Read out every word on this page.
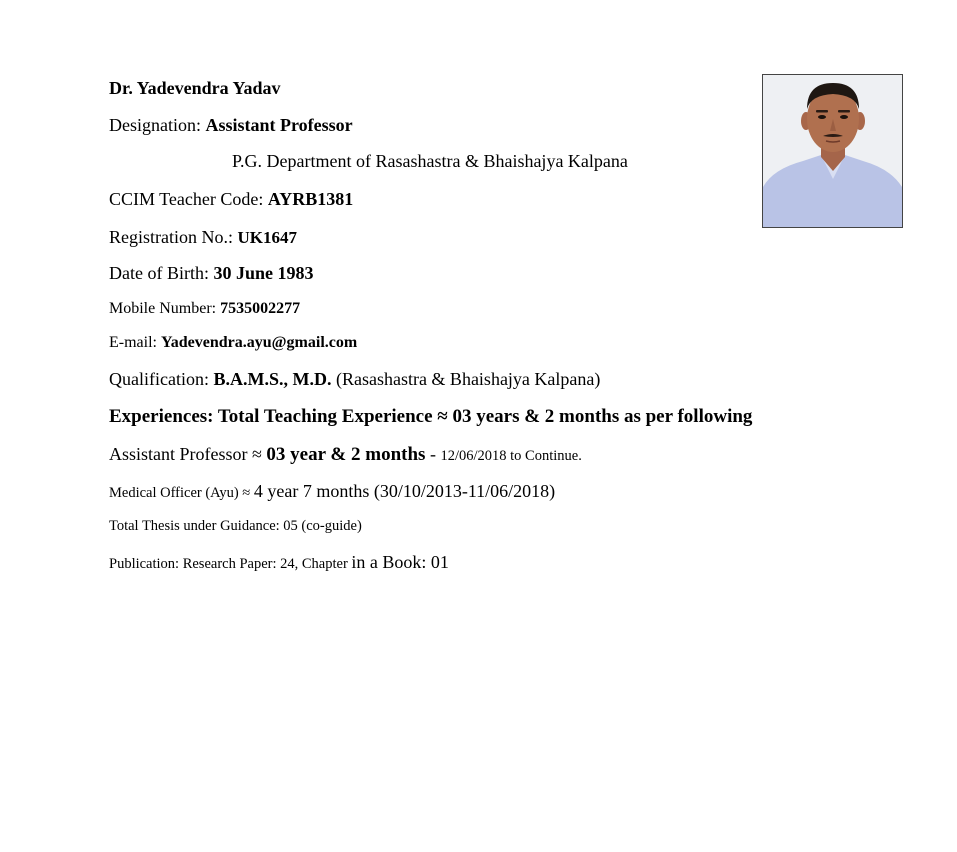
Dr. Yadevendra Yadav
Designation: Assistant Professor
P.G. Department of Rasashastra & Bhaishajya Kalpana
CCIM Teacher Code: AYRB1381
Registration No.: UK1647
Date of Birth: 30 June 1983
Mobile Number: 7535002277
E-mail: Yadevendra.ayu@gmail.com
Qualification: B.A.M.S., M.D. (Rasashastra & Bhaishajya Kalpana)
Experiences: Total Teaching Experience ≈ 03 years & 2 months as per following
Assistant Professor ≈ 03 year & 2 months - 12/06/2018 to Continue.
Medical Officer (Ayu) ≈ 4 year 7 months (30/10/2013-11/06/2018)
Total Thesis under Guidance: 05 (co-guide)
Publication: Research Paper: 24, Chapter in a Book: 01
